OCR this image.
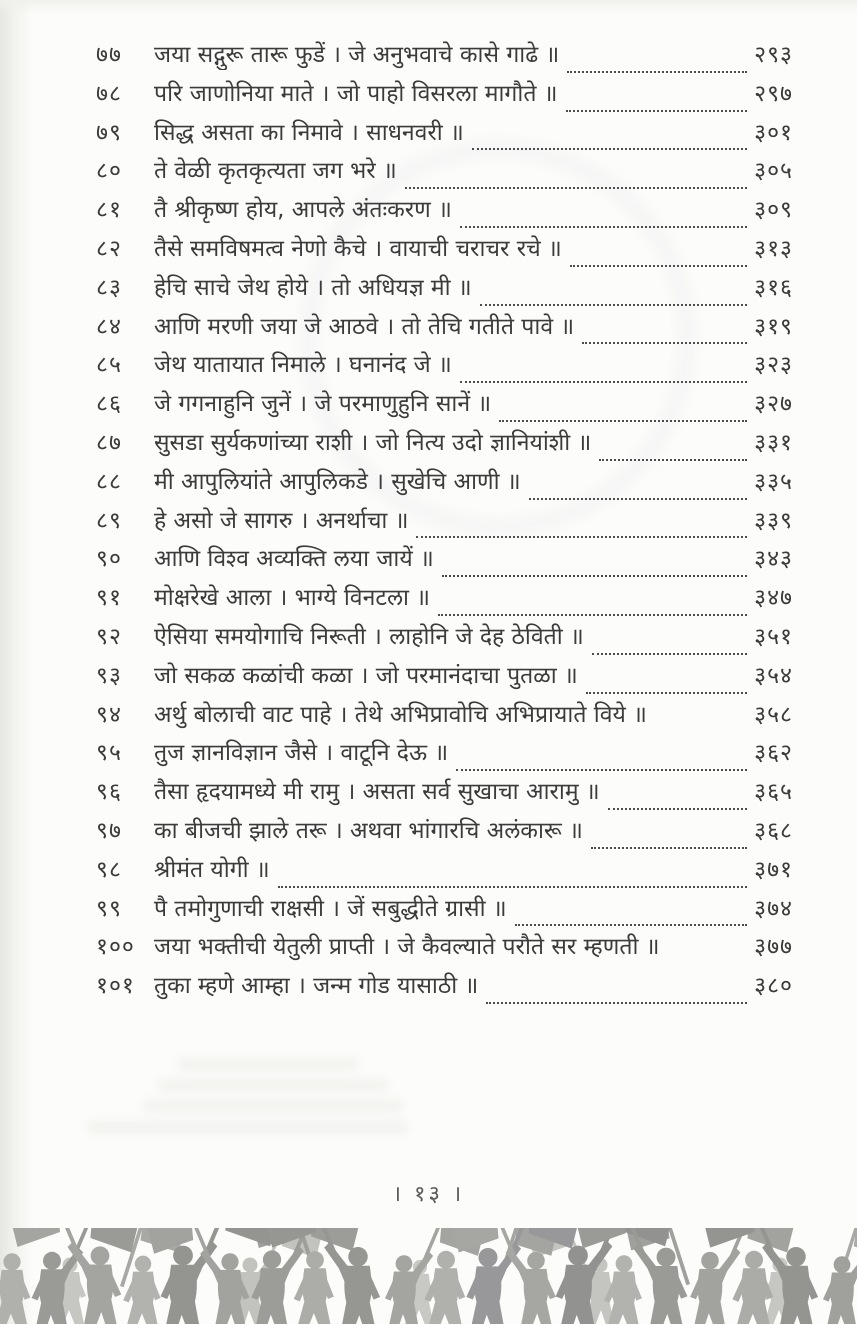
७७	जया सद्गुरू तारू फुडें । जे अनुभवाचे कासे गाढे ॥	२९३
७८	परि जाणोनिया माते । जो पाहो विसरला मागौते ॥	२९७
७९	सिद्ध असता का निमावे । साधनवरी ॥	३०१
८०	ते वेळी कृतकृत्यता जग भरे ॥	३०५
८१	तै श्रीकृष्ण होय, आपले अंतःकरण ॥	३०९
८२	तैसे समविषमत्व नेणो कैचे । वायाची चराचर रचे ॥	३१३
८३	हेचि साचे जेथ होये । तो अधियज्ञ मी ॥	३१६
८४	आणि मरणी जया जे आठवे । तो तेचि गतीते पावे ॥	३१९
८५	जेथ यातायात निमाले । घनानंद जे ॥	३२३
८६	जे गगनाहुनि जुनें । जे परमाणुहुनि सानें ॥	३२७
८७	सुसडा सुर्यकणांच्या राशी । जो नित्य उदो ज्ञानियांशी ॥	३३१
८८	मी आपुलियांते आपुलिकडे । सुखेचि आणी ॥	३३५
८९	हे असो जे सागरु । अनर्थाचा ॥	३३९
९०	आणि विश्व अव्यक्ति लया जायें ॥	३४३
९१	मोक्षरेखे आला । भाग्ये विनटला ॥	३४७
९२	ऐसिया समयोगाचि निरूती । लाहोनि जे देह ठेविती ॥	३५१
९३	जो सकळ कळांची कळा । जो परमानंदाचा पुतळा ॥	३५४
९४	अर्थु बोलाची वाट पाहे । तेथे अभिप्रावोचि अभिप्रायाते विये ॥	३५८
९५	तुज ज्ञानविज्ञान जैसे । वाटूनि देऊ ॥	३६२
९६	तैसा हृदयामध्ये मी रामु । असता सर्व सुखाचा आरामु ॥	३६५
९७	का बीजची झाले तरू । अथवा भांगारचि अलंकारू ॥	३६८
९८	श्रीमंत योगी ॥	३७१
९९	पै तमोगुणाची राक्षसी । जें सबुद्धीते ग्रासी ॥	३७४
१०० जया भक्तीची येतुली प्राप्ती । जे कैवल्याते परौते सर म्हणती ॥	३७७
१०१ तुका म्हणे आम्हा । जन्म गोड यासाठी ॥	३८०
। १३ ।
